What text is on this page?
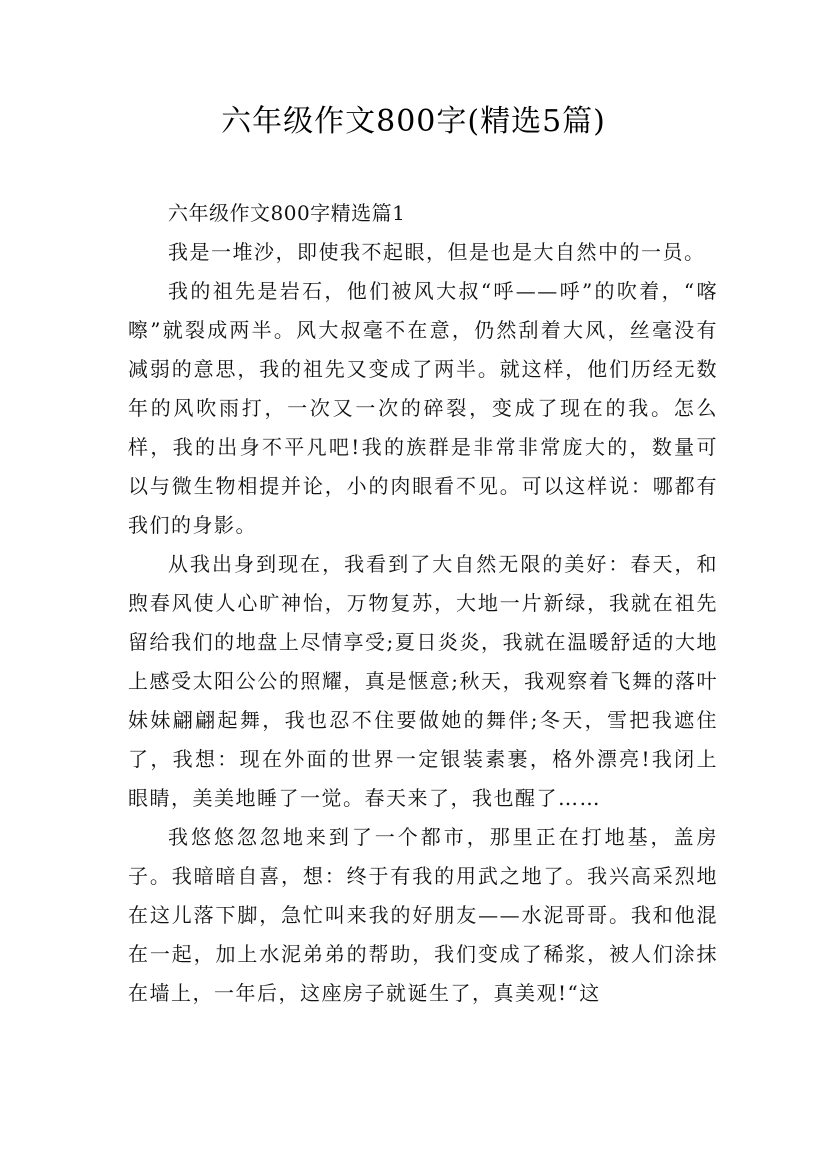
六年级作文800字(精选5篇)

六年级作文800字精选篇1

我是一堆沙，即使我不起眼，但是也是大自然中的一员。

我的祖先是岩石，他们被风大叔“呼——呼”的吹着，“喀嚓”就裂成两半。风大叔毫不在意，仍然刮着大风，丝毫没有减弱的意思，我的祖先又变成了两半。就这样，他们历经无数年的风吹雨打，一次又一次的碎裂，变成了现在的我。怎么样，我的出身不平凡吧!我的族群是非常非常庞大的，数量可以与微生物相提并论，小的肉眼看不见。可以这样说：哪都有我们的身影。

从我出身到现在，我看到了大自然无限的美好：春天，和煦春风使人心旷神怡，万物复苏，大地一片新绿，我就在祖先留给我们的地盘上尽情享受;夏日炎炎，我就在温暖舒适的大地上感受太阳公公的照耀，真是惬意;秋天，我观察着飞舞的落叶妹妹翩翩起舞，我也忍不住要做她的舞伴;冬天，雪把我遮住了，我想：现在外面的世界一定银装素裹，格外漂亮!我闭上眼睛，美美地睡了一觉。春天来了，我也醒了……

我悠悠忽忽地来到了一个都市，那里正在打地基，盖房子。我暗暗自喜，想：终于有我的用武之地了。我兴高采烈地在这儿落下脚，急忙叫来我的好朋友——水泥哥哥。我和他混在一起，加上水泥弟弟的帮助，我们变成了稀浆，被人们涂抹在墙上，一年后，这座房子就诞生了，真美观!“这
